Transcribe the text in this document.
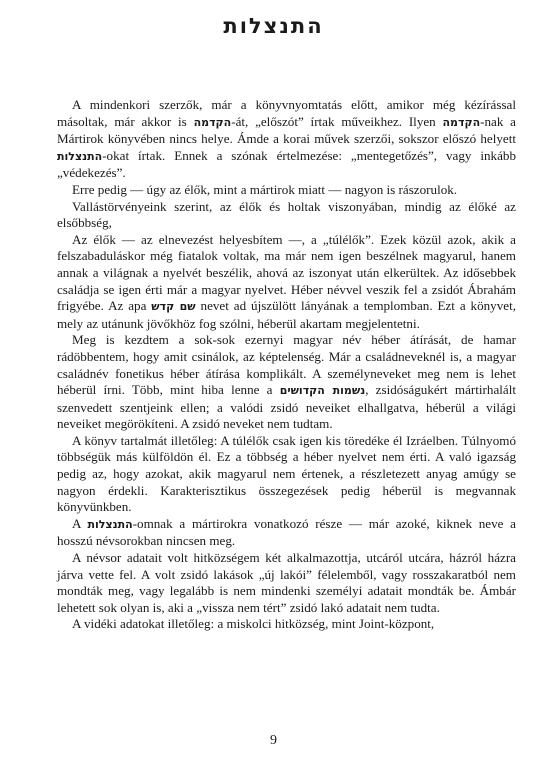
התנצלות

A mindenkori szerzők, már a könyvnyomtatás előtt, amikor még kézírással másoltak, már akkor is הקדמה-át, „előszót” írtak műveikhez. Ilyen הקדמה-nak a Mártirok könyvében nincs helye. Ámde a korai művek szerzői, sokszor előszó helyett התנצלות-okat írtak. Ennek a szónak értelmezése: „mentegetőzés”, vagy inkább „védekezés”.

Erre pedig — úgy az élők, mint a mártirok miatt — nagyon is rászorulok.

Vallástörvényeink szerint, az élők és holtak viszonyában, mindig az élőké az elsőbbség,

Az élők — az elnevezést helyesbítem —, a „túlélők”. Ezek közül azok, akik a felszabaduláskor még fiatalok voltak, ma már nem igen beszélnek magyarul, hanem annak a világnak a nyelvét beszélik, ahová az iszonyat után elkerültek. Az idősebbek családja se igen érti már a magyar nyelvet. Héber névvel veszik fel a zsidót Ábrahám frigyébe. Az apa שם קדש nevet ad újszülött lányának a templomban. Ezt a könyvet, mely az utánunk jövőkhöz fog szólni, héberül akartam megjelentetni.

Meg is kezdtem a sok-sok ezernyi magyar név héber átírását, de hamar rádöbbentem, hogy amit csinálok, az képtelenség. Már a családneveknél is, a magyar családnév fonetikus héber átírása komplikált. A személyneveket meg nem is lehet héberül írni. Több, mint hiba lenne a נשמות הקדושים, zsidóságukért mártirhalált szenvedett szentjeink ellen; a valódi zsidó neveiket elhallgatva, héberül a világi neveiket megörökíteni. A zsidó neveket nem tudtam.

A könyv tartalmát illetőleg: A túlélők csak igen kis töredéke él Izráelben. Túlnyomó többségük más külföldön él. Ez a többség a héber nyelvet nem érti. A való igazság pedig az, hogy azokat, akik magyarul nem értenek, a részletezett anyag amúgy se nagyon érdekli. Karakterisztikus összegezések pedig héberül is megvannak könyvünkben.

A התנצלות-omnak a mártirokra vonatkozó része — már azoké, kiknek neve a hosszú névsorokban nincsen meg.

A névsor adatait volt hitközségem két alkalmazottja, utcáról utcára, házról házra járva vette fel. A volt zsidó lakások „új lakói” félelemből, vagy rosszakaratból nem mondták meg, vagy legalább is nem mindenki személyi adatait mondták be. Ámbár lehetett sok olyan is, aki a „vissza nem tért” zsidó lakó adatait nem tudta.

A vidéki adatokat illetőleg: a miskolci hitközség, mint Joint-központ,

9
